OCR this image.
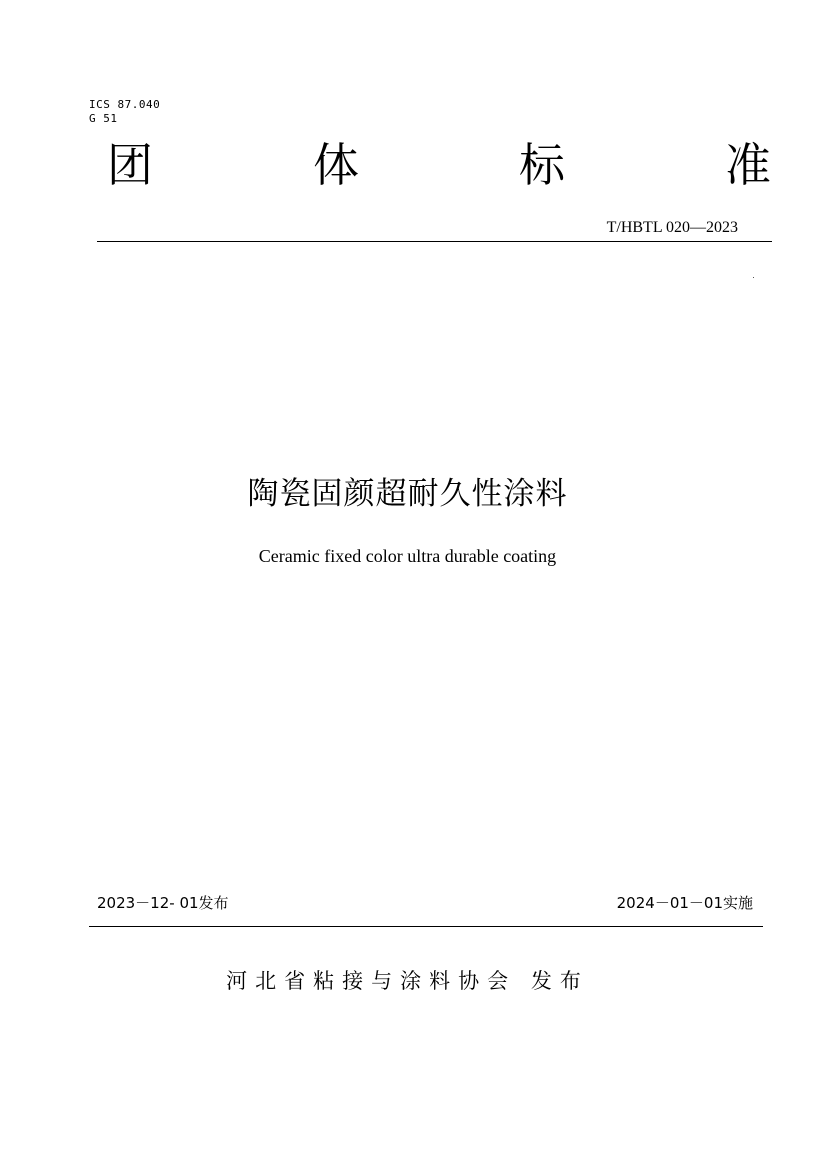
ICS 87.040
G 51
团	体	标	准
T/HBTL 020—2023
陶瓷固颜超耐久性涂料
Ceramic fixed color ultra durable coating
2023－12- 01发布	2024－01－01实施
河北省粘接与涂料协会 发布
